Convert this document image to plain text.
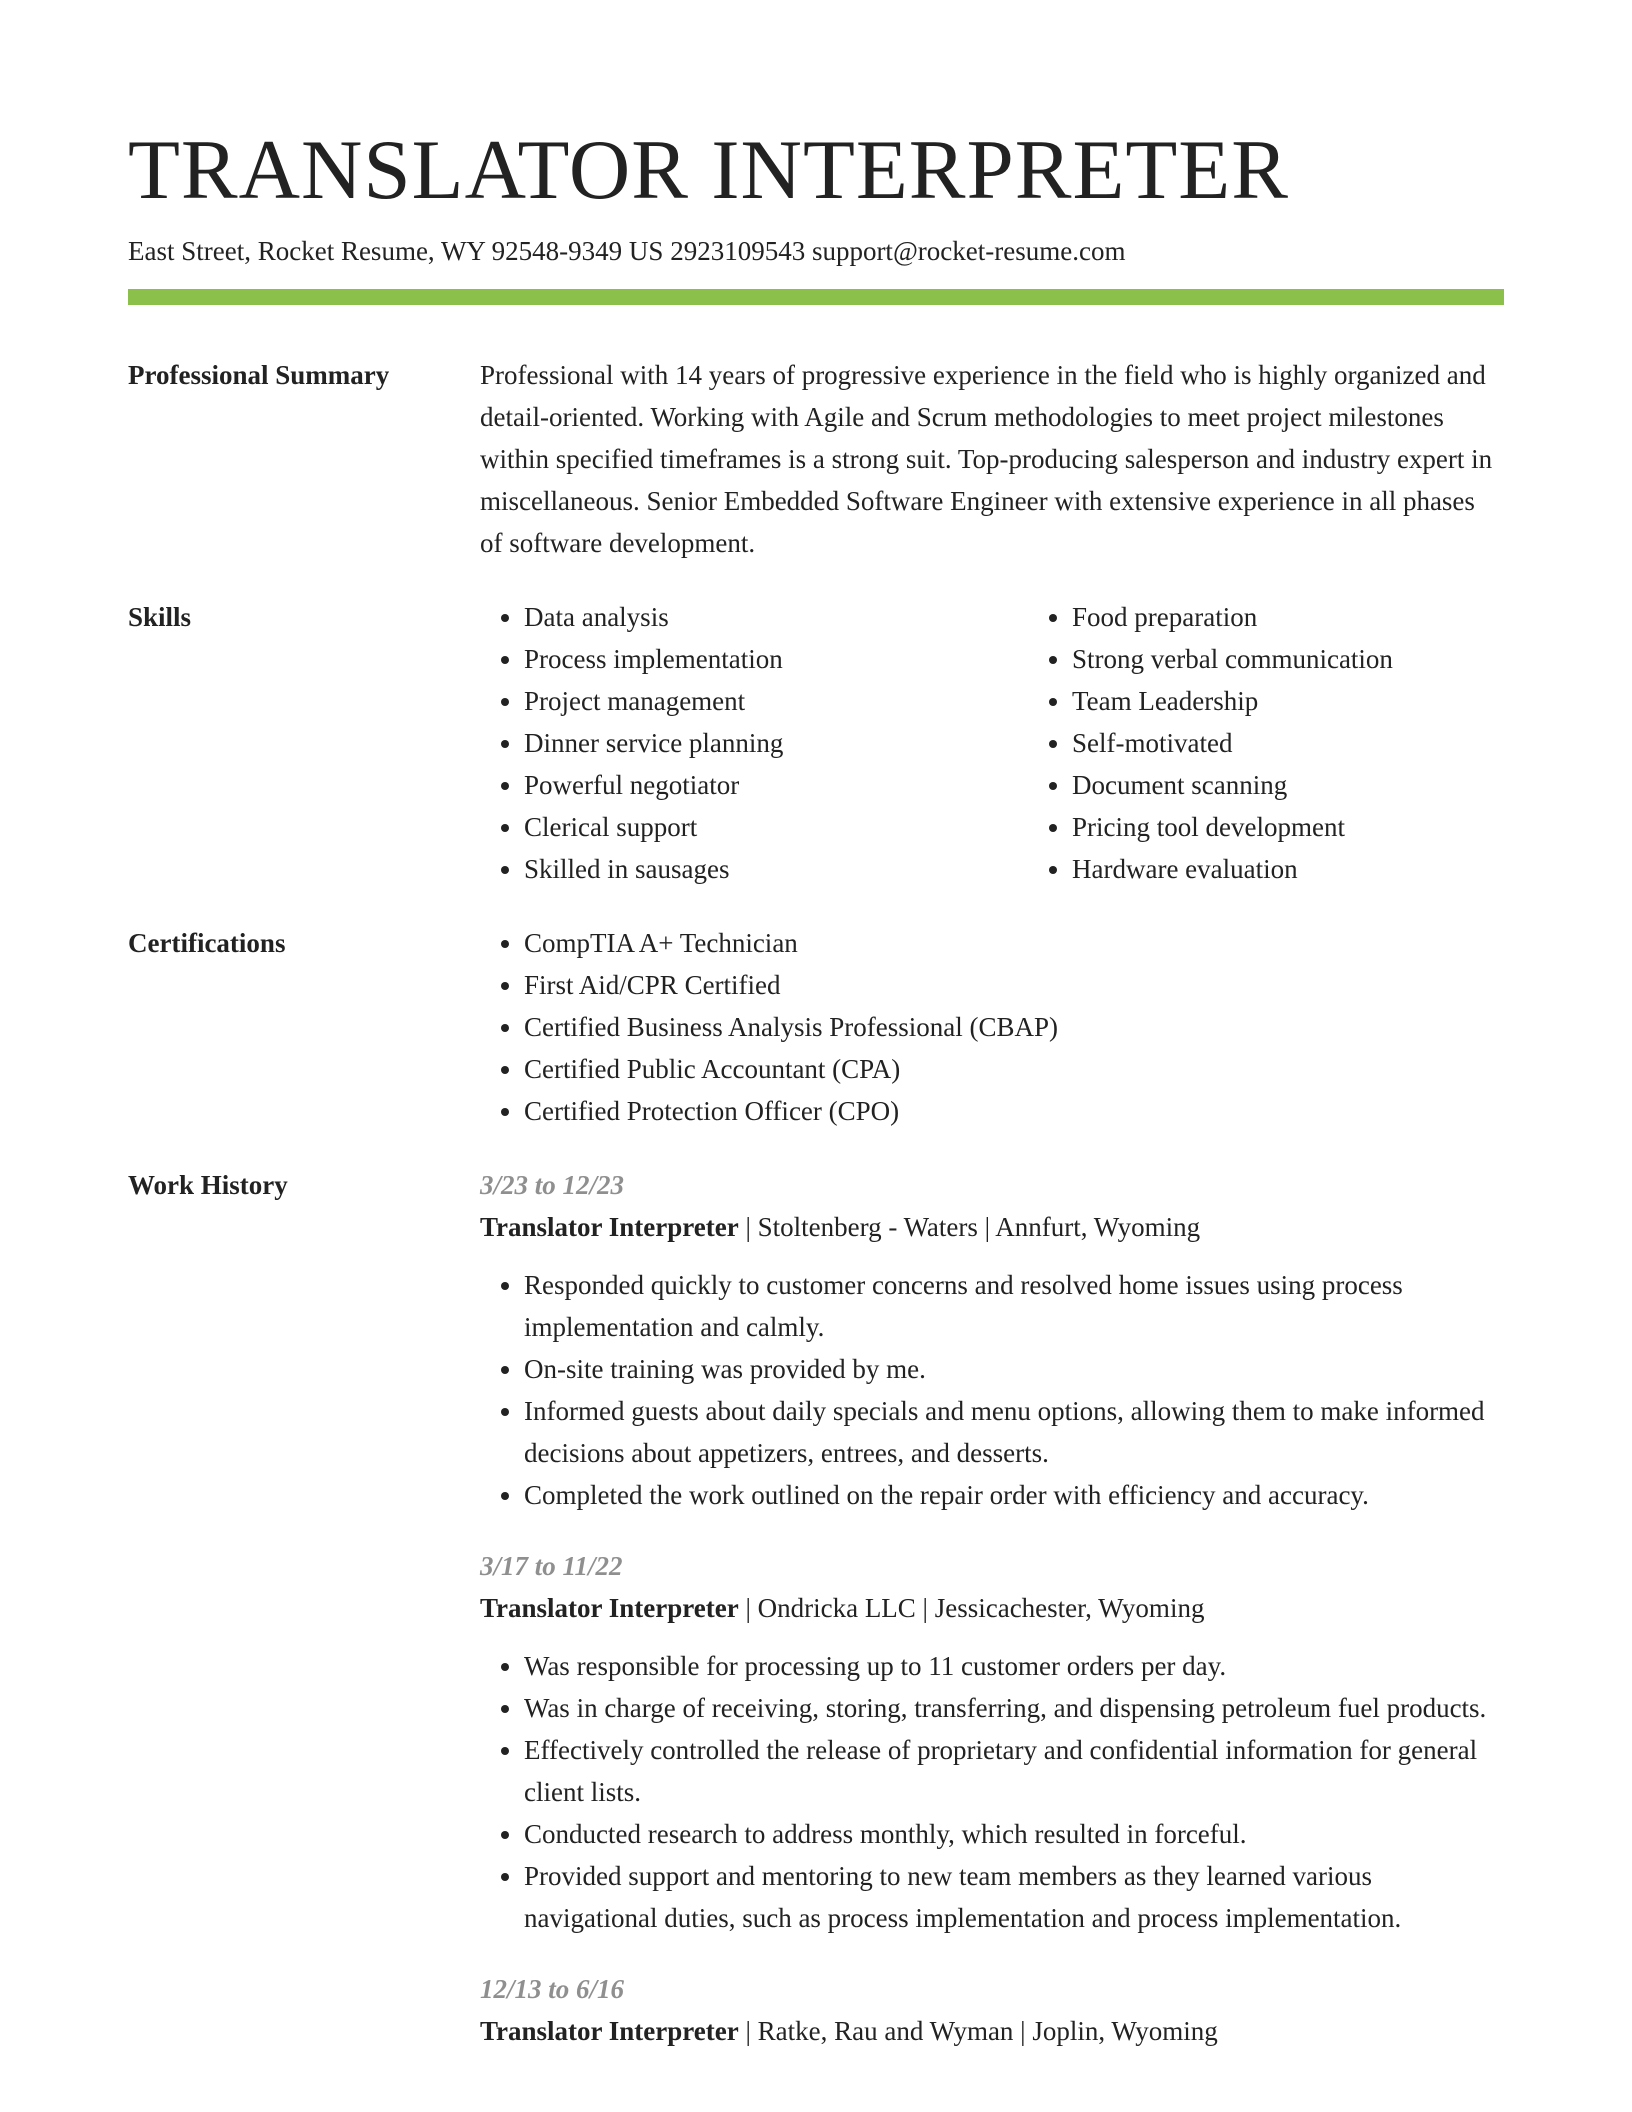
TRANSLATOR INTERPRETER
East Street, Rocket Resume, WY 92548-9349 US 2923109543 support@rocket-resume.com
Professional Summary	Professional with 14 years of progressive experience in the field who is highly organized and detail-oriented. Working with Agile and Scrum methodologies to meet project milestones within specified timeframes is a strong suit. Top-producing salesperson and industry expert in miscellaneous. Senior Embedded Software Engineer with extensive experience in all phases of software development.
Skills	• Data analysis
• Process implementation
• Project management
• Dinner service planning
• Powerful negotiator
• Clerical support
• Skilled in sausages
• Food preparation
• Strong verbal communication
• Team Leadership
• Self-motivated
• Document scanning
• Pricing tool development
• Hardware evaluation
Certifications	• CompTIA A+ Technician
• First Aid/CPR Certified
• Certified Business Analysis Professional (CBAP)
• Certified Public Accountant (CPA)
• Certified Protection Officer (CPO)
Work History	3/23 to 12/23
Translator Interpreter | Stoltenberg - Waters | Annfurt, Wyoming
• Responded quickly to customer concerns and resolved home issues using process implementation and calmly.
• On-site training was provided by me.
• Informed guests about daily specials and menu options, allowing them to make informed decisions about appetizers, entrees, and desserts.
• Completed the work outlined on the repair order with efficiency and accuracy.
3/17 to 11/22
Translator Interpreter | Ondricka LLC | Jessicachester, Wyoming
• Was responsible for processing up to 11 customer orders per day.
• Was in charge of receiving, storing, transferring, and dispensing petroleum fuel products.
• Effectively controlled the release of proprietary and confidential information for general client lists.
• Conducted research to address monthly, which resulted in forceful.
• Provided support and mentoring to new team members as they learned various navigational duties, such as process implementation and process implementation.
12/13 to 6/16
Translator Interpreter | Ratke, Rau and Wyman | Joplin, Wyoming
